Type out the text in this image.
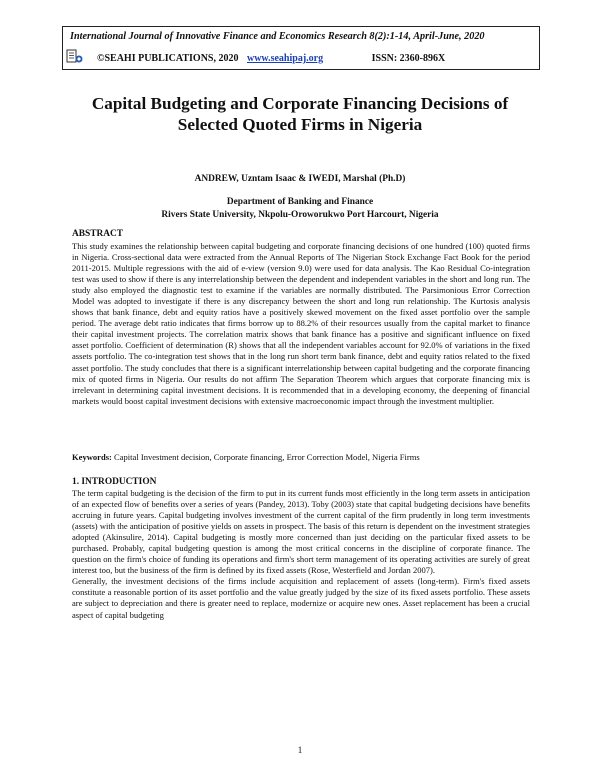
International Journal of Innovative Finance and Economics Research 8(2):1-14, April-June, 2020
©SEAHI PUBLICATIONS, 2020 www.seahipaj.org	ISSN: 2360-896X
Capital Budgeting and Corporate Financing Decisions of
Selected Quoted Firms in Nigeria
ANDREW, Uzntam Isaac & IWEDI, Marshal (Ph.D)
Department of Banking and Finance
Rivers State University, Nkpolu-Oroworukwo Port Harcourt, Nigeria
ABSTRACT
This study examines the relationship between capital budgeting and corporate financing decisions of one hundred (100) quoted firms in Nigeria. Cross-sectional data were extracted from the Annual Reports of The Nigerian Stock Exchange Fact Book for the period 2011-2015. Multiple regressions with the aid of e-view (version 9.0) were used for data analysis. The Kao Residual Co-integration test was used to show if there is any interrelationship between the dependent and independent variables in the short and long run. The study also employed the diagnostic test to examine if the variables are normally distributed. The Parsimonious Error Correction Model was adopted to investigate if there is any discrepancy between the short and long run relationship. The Kurtosis analysis shows that bank finance, debt and equity ratios have a positively skewed movement on the fixed asset portfolio over the sample period. The average debt ratio indicates that firms borrow up to 88.2% of their resources usually from the capital market to finance their capital investment projects. The correlation matrix shows that bank finance has a positive and significant influence on fixed asset portfolio. Coefficient of determination (R) shows that all the independent variables account for 92.0% of variations in the fixed assets portfolio. The co-integration test shows that in the long run short term bank finance, debt and equity ratios related to the fixed asset portfolio. The study concludes that there is a significant interrelationship between capital budgeting and the corporate financing mix of quoted firms in Nigeria. Our results do not affirm The Separation Theorem which argues that corporate financing mix is irrelevant in determining capital investment decisions. It is recommended that in a developing economy, the deepening of financial markets would boost capital investment decisions with extensive macroeconomic impact through the investment multiplier.
Keywords: Capital Investment decision, Corporate financing, Error Correction Model, Nigeria Firms
1. INTRODUCTION

The term capital budgeting is the decision of the firm to put in its current funds most efficiently in the long term assets in anticipation of an expected flow of benefits over a series of years (Pandey, 2013). Toby (2003) state that capital budgeting decisions have benefits accruing in future years. Capital budgeting involves investment of the current capital of the firm prudently in long term investments (assets) with the anticipation of positive yields on assets in prospect. The basis of this return is dependent on the investment strategies adopted (Akinsulire, 2014). Capital budgeting is mostly more concerned than just deciding on the particular fixed assets to be purchased. Probably, capital budgeting question is among the most critical concerns in the discipline of corporate finance. The question on the firm's choice of funding its operations and firm's short term management of its operating activities are surely of great interest too, but the business of the firm is defined by its fixed assets (Rose, Westerfield and Jordan 2007).

Generally, the investment decisions of the firms include acquisition and replacement of assets (long-term). Firm's fixed assets constitute a reasonable portion of its asset portfolio and the value greatly judged by the size of its fixed assets portfolio. These assets are subject to depreciation and there is greater need to replace, modernize or acquire new ones. Asset replacement has been a crucial aspect of capital budgeting

1
